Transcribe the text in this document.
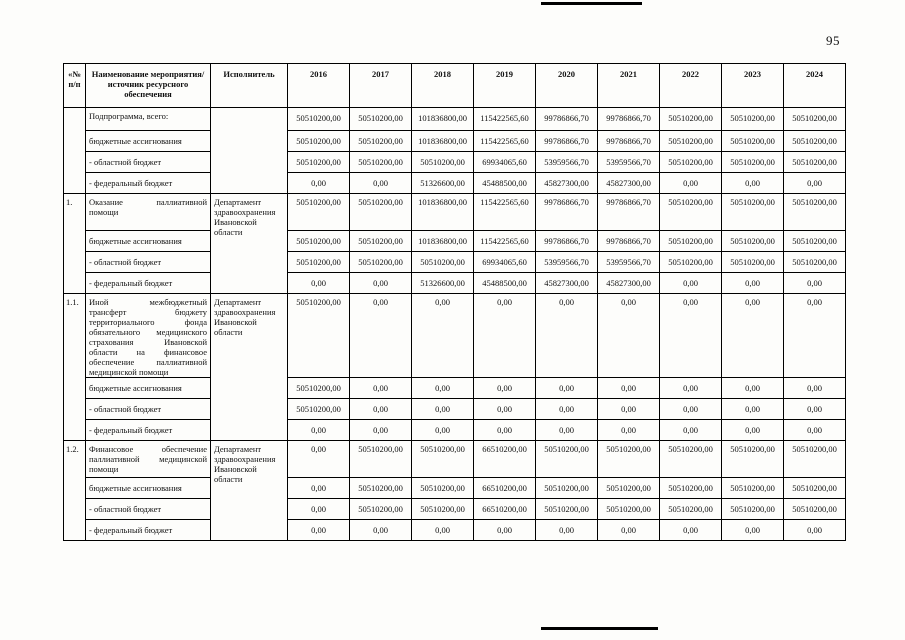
95
«№ п/п	Наименование мероприятия/источник ресурсного обеспечения	Исполнитель	2016	2017	2018	2019	2020	2021	2022	2023	2024
	Подпрограмма, всего:		50510200,00	50510200,00	101836800,00	115422565,60	99786866,70	99786866,70	50510200,00	50510200,00	50510200,00
	бюджетные ассигнования		50510200,00	50510200,00	101836800,00	115422565,60	99786866,70	99786866,70	50510200,00	50510200,00	50510200,00
	- областной бюджет		50510200,00	50510200,00	50510200,00	69934065,60	53959566,70	53959566,70	50510200,00	50510200,00	50510200,00
	- федеральный бюджет		0,00	0,00	51326600,00	45488500,00	45827300,00	45827300,00	0,00	0,00	0,00
1.	Оказание паллиативной помощи	Департамент здравоохранения Ивановской области	50510200,00	50510200,00	101836800,00	115422565,60	99786866,70	99786866,70	50510200,00	50510200,00	50510200,00
	бюджетные ассигнования		50510200,00	50510200,00	101836800,00	115422565,60	99786866,70	99786866,70	50510200,00	50510200,00	50510200,00
	- областной бюджет		50510200,00	50510200,00	50510200,00	69934065,60	53959566,70	53959566,70	50510200,00	50510200,00	50510200,00
	- федеральный бюджет		0,00	0,00	51326600,00	45488500,00	45827300,00	45827300,00	0,00	0,00	0,00
1.1.	Иной межбюджетный трансферт бюджету территориального фонда обязательного медицинского страхования Ивановской области на финансовое обеспечение паллиативной медицинской помощи	Департамент здравоохранения Ивановской области	50510200,00	0,00	0,00	0,00	0,00	0,00	0,00	0,00	0,00
	бюджетные ассигнования		50510200,00	0,00	0,00	0,00	0,00	0,00	0,00	0,00	0,00
	- областной бюджет		50510200,00	0,00	0,00	0,00	0,00	0,00	0,00	0,00	0,00
	- федеральный бюджет		0,00	0,00	0,00	0,00	0,00	0,00	0,00	0,00	0,00
1.2.	Финансовое обеспечение паллиативной медицинской помощи	Департамент здравоохранения Ивановской области	0,00	50510200,00	50510200,00	66510200,00	50510200,00	50510200,00	50510200,00	50510200,00	50510200,00
	бюджетные ассигнования		0,00	50510200,00	50510200,00	66510200,00	50510200,00	50510200,00	50510200,00	50510200,00	50510200,00
	- областной бюджет		0,00	50510200,00	50510200,00	66510200,00	50510200,00	50510200,00	50510200,00	50510200,00	50510200,00
	- федеральный бюджет		0,00	0,00	0,00	0,00	0,00	0,00	0,00	0,00	0,00
